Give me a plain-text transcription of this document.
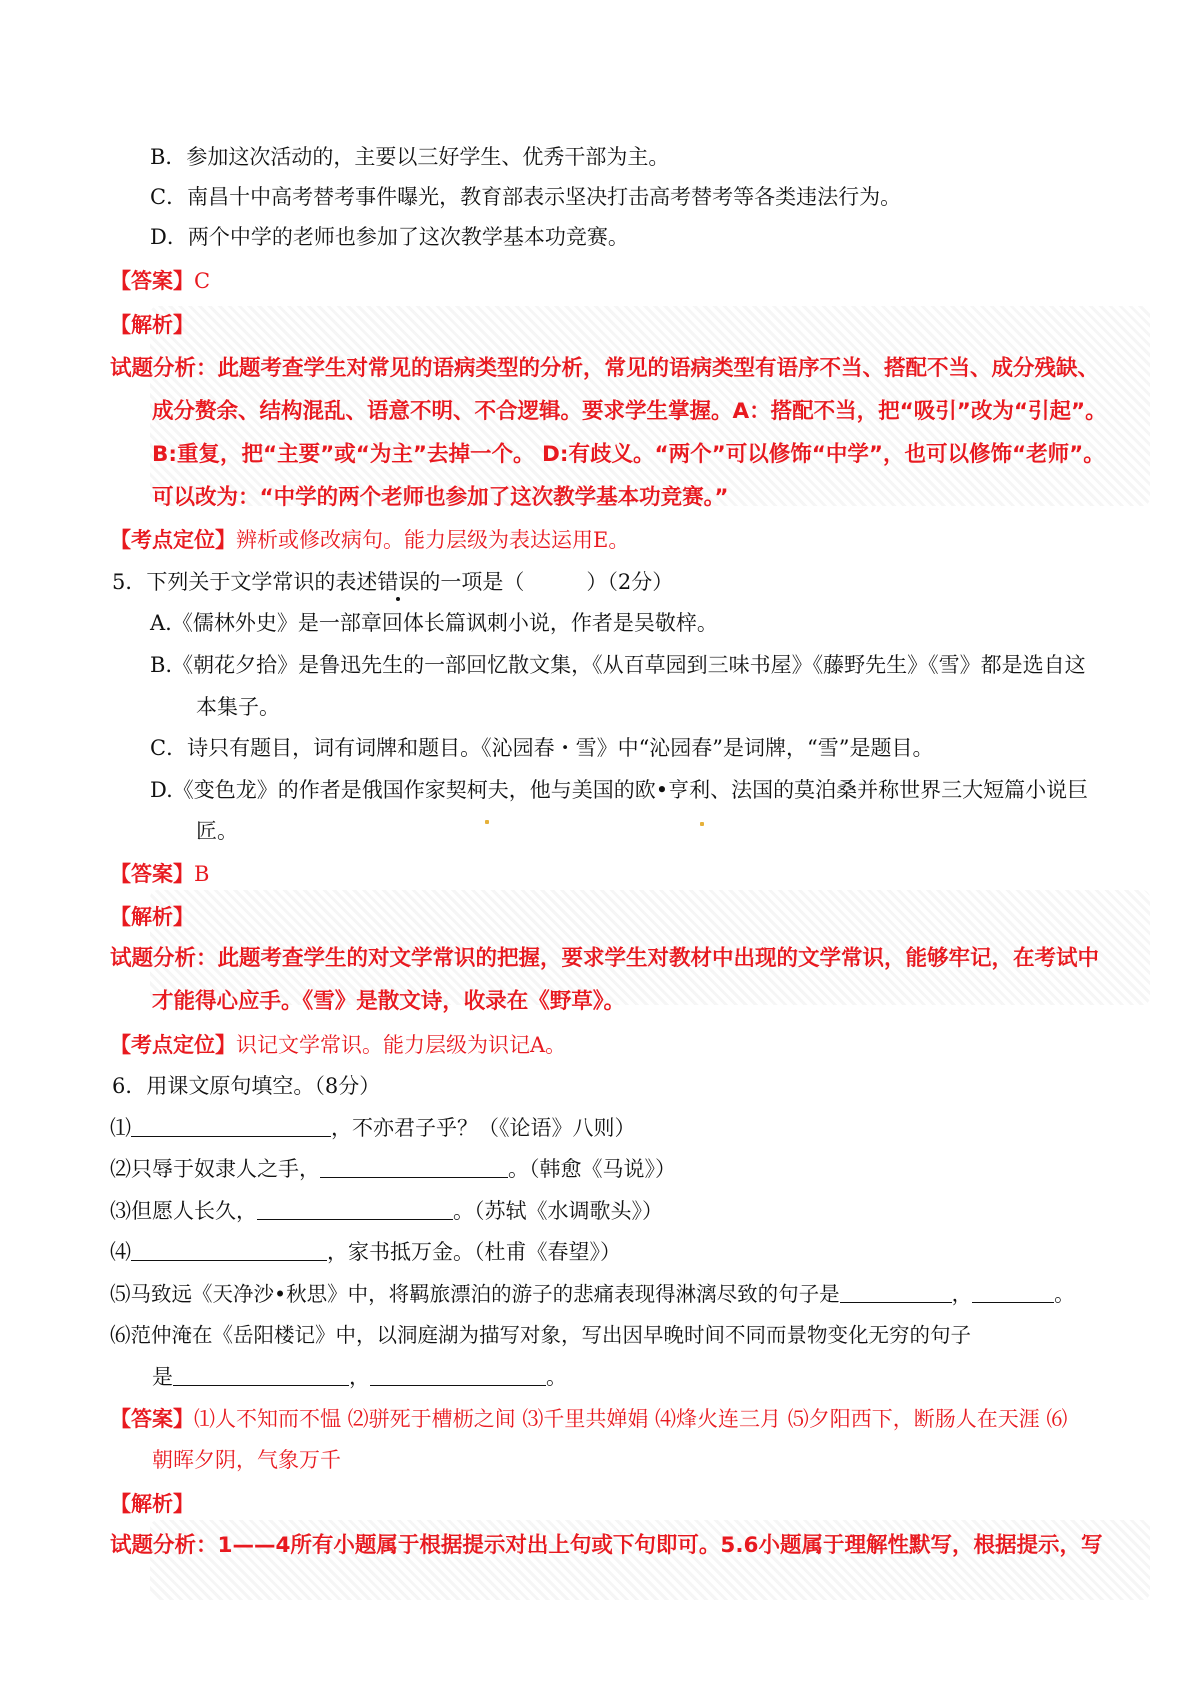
B．参加这次活动的，主要以三好学生、优秀干部为主。
C．南昌十中高考替考事件曝光，教育部表示坚决打击高考替考等各类违法行为。
D．两个中学的老师也参加了这次教学基本功竞赛。
【答案】C
【解析】
试题分析：此题考查学生对常见的语病类型的分析，常见的语病类型有语序不当、搭配不当、成分残缺、
成分赘余、结构混乱、语意不明、不合逻辑。要求学生掌握。A：搭配不当，把“吸引”改为“引起”。
B:重复，把“主要”或“为主”去掉一个。 D:有歧义。“两个”可以修饰“中学”，也可以修饰“老师”。
可以改为：“中学的两个老师也参加了这次教学基本功竞赛。”
【考点定位】辨析或修改病句。能力层级为表达运用E。
5．下列关于文学常识的表述错误的一项是（	）（2分）
A.《儒林外史》是一部章回体长篇讽刺小说，作者是吴敬梓。
B.《朝花夕拾》是鲁迅先生的一部回忆散文集，《从百草园到三味书屋》《藤野先生》《雪》都是选自这
本集子。
C．诗只有题目，词有词牌和题目。《沁园春・雪》中“沁园春”是词牌，“雪”是题目。
D.《变色龙》的作者是俄国作家契柯夫，他与美国的欧•亨利、法国的莫泊桑并称世界三大短篇小说巨
匠。
【答案】B
【解析】
试题分析：此题考查学生的对文学常识的把握，要求学生对教材中出现的文学常识，能够牢记，在考试中
才能得心应手。《雪》是散文诗，收录在《野草》。
【考点定位】识记文学常识。能力层级为识记A。
6．用课文原句填空。（8分）
⑴	，不亦君子乎？（《论语》八则）
⑵只辱于奴隶人之手，	。（韩愈《马说》）
⑶但愿人长久，	。（苏轼《水调歌头》）
⑷	，家书抵万金。（杜甫《春望》）
⑸马致远《天净沙•秋思》中，将羁旅漂泊的游子的悲痛表现得淋漓尽致的句子是	，	。
⑹范仲淹在《岳阳楼记》中，以洞庭湖为描写对象，写出因早晚时间不同而景物变化无穷的句子
是	，	。
【答案】⑴人不知而不愠 ⑵骈死于槽枥之间 ⑶千里共婵娟 ⑷烽火连三月 ⑸夕阳西下，断肠人在天涯 ⑹
朝晖夕阴，气象万千
【解析】
试题分析：1——4所有小题属于根据提示对出上句或下句即可。5.6小题属于理解性默写，根据提示，写
